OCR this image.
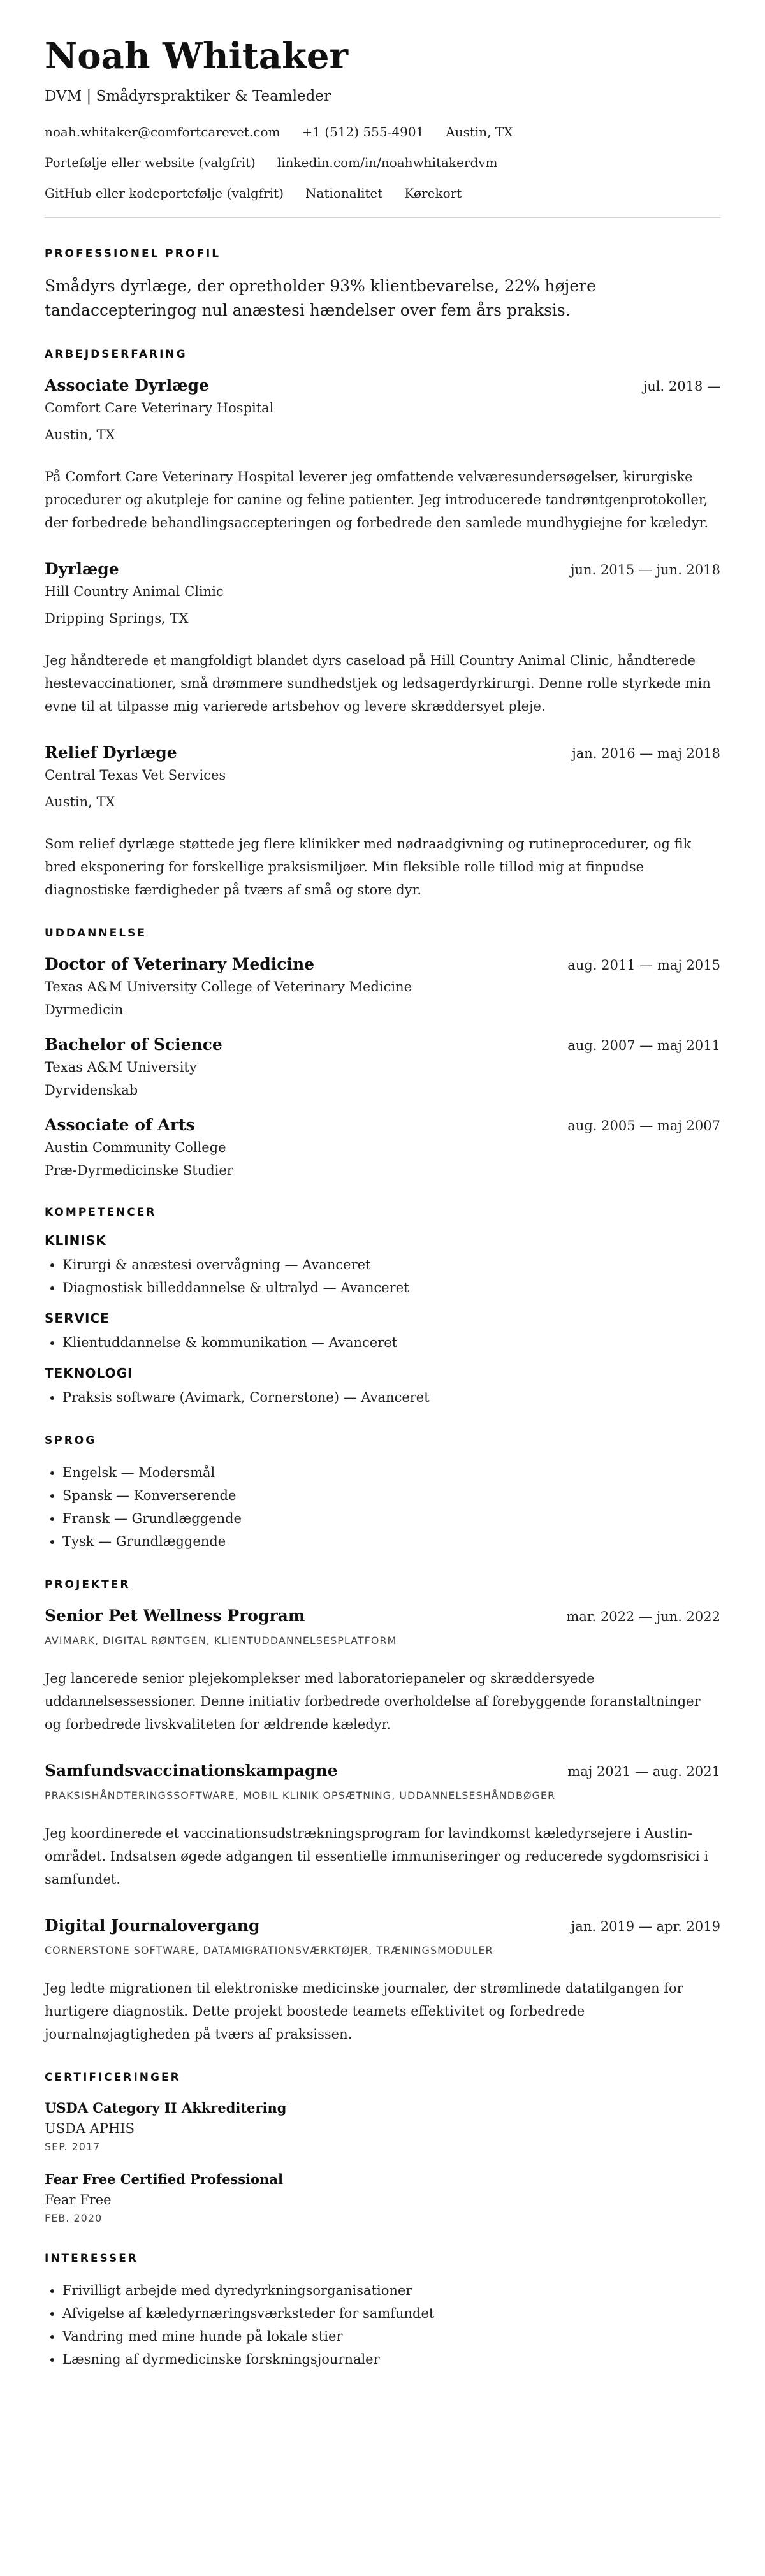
Noah Whitaker
DVM | Smådyrspraktiker & Teamleder
noah.whitaker@comfortcarevet.com +1 (512) 555-4901 Austin, TX
Portefølje eller website (valgfrit) linkedin.com/in/noahwhitakerdvm
GitHub eller kodeportefølje (valgfrit) Nationalitet Kørekort
PROFESSIONEL PROFIL

Smådyrs dyrlæge, der opretholder 93% klientbevarelse, 22% højere tandaccepteringog nul anæstesi hændelser over fem års praksis.

ARBEJDSERFARING
Associate Dyrlæge	jul. 2018 —
Comfort Care Veterinary Hospital
Austin, TX
På Comfort Care Veterinary Hospital leverer jeg omfattende velværesundersøgelser, kirurgiske procedurer og akutpleje for canine og feline patienter. Jeg introducerede tandrøntgenprotokoller, der forbedrede behandlingsaccepteringen og forbedrede den samlede mundhygiejne for kæledyr.
Dyrlæge	jun. 2015 — jun. 2018
Hill Country Animal Clinic
Dripping Springs, TX
Jeg håndterede et mangfoldigt blandet dyrs caseload på Hill Country Animal Clinic, håndterede hestevaccinationer, små drømmere sundhedstjek og ledsagerdyrkirurgi. Denne rolle styrkede min evne til at tilpasse mig varierede artsbehov og levere skræddersyet pleje.
Relief Dyrlæge	jan. 2016 — maj 2018
Central Texas Vet Services
Austin, TX
Som relief dyrlæge støttede jeg flere klinikker med nødraadgivning og rutineprocedurer, og fik bred eksponering for forskellige praksismiljøer. Min fleksible rolle tillod mig at finpudse diagnostiske færdigheder på tværs af små og store dyr.
UDDANNELSE
Doctor of Veterinary Medicine	aug. 2011 — maj 2015
Texas A&M University College of Veterinary Medicine
Dyrmedicin
Bachelor of Science	aug. 2007 — maj 2011
Texas A&M University
Dyrvidenskab
Associate of Arts	aug. 2005 — maj 2007
Austin Community College
Præ-Dyrmedicinske Studier
KOMPETENCER
KLINISK
• Kirurgi & anæstesi overvågning — Avanceret
• Diagnostisk billeddannelse & ultralyd — Avanceret
SERVICE
• Klientuddannelse & kommunikation — Avanceret
TEKNOLOGI
• Praksis software (Avimark, Cornerstone) — Avanceret
SPROG
• Engelsk — Modersmål
• Spansk — Konverserende
• Fransk — Grundlæggende
• Tysk — Grundlæggende
PROJEKTER
Senior Pet Wellness Program	mar. 2022 — jun. 2022
AVIMARK, DIGITAL RØNTGEN, KLIENTUDDANNELSESPLATFORM
Jeg lancerede senior plejekomplekser med laboratoriepaneler og skræddersyede uddannelsessessioner. Denne initiativ forbedrede overholdelse af forebyggende foranstaltninger og forbedrede livskvaliteten for ældrende kæledyr.
Samfundsvaccinationskampagne	maj 2021 — aug. 2021
PRAKSISHÅNDTERINGSSOFTWARE, MOBIL KLINIK OPSÆTNING, UDDANNELSESHÅNDBØGER
Jeg koordinerede et vaccinationsudstrækningsprogram for lavindkomst kæledyrsejere i Austin-området. Indsatsen øgede adgangen til essentielle immuniseringer og reducerede sygdomsrisici i samfundet.
Digital Journalovergang	jan. 2019 — apr. 2019
CORNERSTONE SOFTWARE, DATAMIGRATIONSVÆRKTØJER, TRÆNINGSMODULER
Jeg ledte migrationen til elektroniske medicinske journaler, der strømlinede datatilgangen for hurtigere diagnostik. Dette projekt boostede teamets effektivitet og forbedrede journalnøjagtigheden på tværs af praksissen.
CERTIFICERINGER
USDA Category II Akkreditering
USDA APHIS
SEP. 2017
Fear Free Certified Professional
Fear Free
FEB. 2020
INTERESSER
• Frivilligt arbejde med dyredyrkningsorganisationer
• Afvigelse af kæledyrnæringsværksteder for samfundet
• Vandring med mine hunde på lokale stier
• Læsning af dyrmedicinske forskningsjournaler
